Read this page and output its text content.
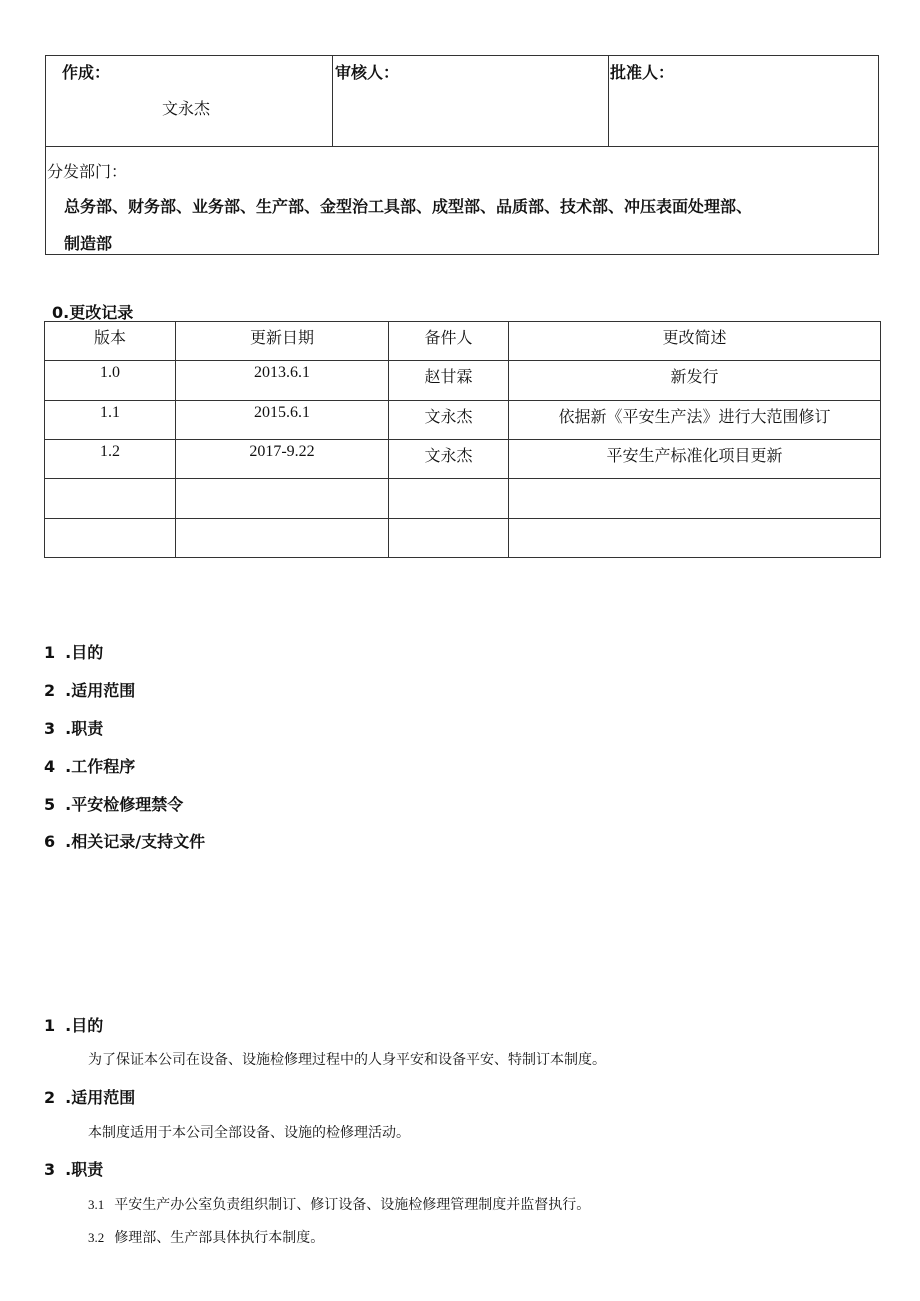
作成：
文永杰
审核人：	批准人：
分发部门：
总务部、财务部、业务部、生产部、金型治工具部、成型部、品质部、技术部、冲压表面处理部、
制造部
0.更改记录
版本	更新日期	备件人	更改简述
1.0	2013.6.1	赵甘霖	新发行
1.1	2015.6.1	文永杰	依据新《平安生产法》进行大范围修订
1.2	2017-9.22	文永杰	平安生产标准化项目更新

1 .目的
2 .适用范围
3 .职责
4 .工作程序
5 .平安检修理禁令
6 .相关记录/支持文件
1 .目的
为了保证本公司在设备、设施检修理过程中的人身平安和设备平安、特制订本制度。
2 .适用范围
本制度适用于本公司全部设备、设施的检修理活动。
3 .职责
3.1 平安生产办公室负责组织制订、修订设备、设施检修理管理制度并监督执行。
3.2 修理部、生产部具体执行本制度。
